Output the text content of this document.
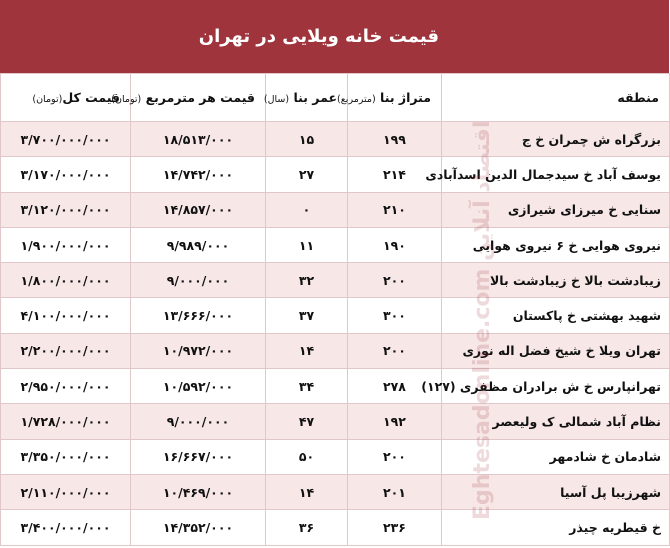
قیمت خانه ویلایی در تهران
منطقه	متراژ بنا (مترمربع)	عمر بنا (سال)	قیمت هر مترمربع (تومان)	قیمت کل(تومان)
بزرگراه ش چمران خ ج	۱۹۹	۱۵	۱۸/۵۱۳/۰۰۰	۳/۷۰۰/۰۰۰/۰۰۰
یوسف آباد خ سیدجمال الدین اسدآبادی	۲۱۴	۲۷	۱۴/۷۴۲/۰۰۰	۳/۱۷۰/۰۰۰/۰۰۰
سنایی خ میرزای شیرازی	۲۱۰	۰	۱۴/۸۵۷/۰۰۰	۳/۱۲۰/۰۰۰/۰۰۰
نیروی هوایی خ ۶ نیروی هوایی	۱۹۰	۱۱	۹/۹۸۹/۰۰۰	۱/۹۰۰/۰۰۰/۰۰۰
زیبادشت بالا خ زیبادشت بالا	۲۰۰	۳۲	۹/۰۰۰/۰۰۰	۱/۸۰۰/۰۰۰/۰۰۰
شهید بهشتی خ پاکستان	۳۰۰	۳۷	۱۳/۶۶۶/۰۰۰	۴/۱۰۰/۰۰۰/۰۰۰
تهران ویلا خ شیخ فضل اله نوری	۲۰۰	۱۴	۱۰/۹۷۲/۰۰۰	۲/۲۰۰/۰۰۰/۰۰۰
تهرانپارس خ ش برادران مظفری (۱۲۷)	۲۷۸	۳۴	۱۰/۵۹۲/۰۰۰	۲/۹۵۰/۰۰۰/۰۰۰
نظام آباد شمالی ک ولیعصر	۱۹۲	۴۷	۹/۰۰۰/۰۰۰	۱/۷۲۸/۰۰۰/۰۰۰
شادمان خ شادمهر	۲۰۰	۵۰	۱۶/۶۶۷/۰۰۰	۳/۳۵۰/۰۰۰/۰۰۰
شهرزیبا پل آسیا	۲۰۱	۱۴	۱۰/۴۶۹/۰۰۰	۲/۱۱۰/۰۰۰/۰۰۰
خ قیطریه چیذر	۲۳۶	۳۶	۱۴/۳۵۲/۰۰۰	۳/۴۰۰/۰۰۰/۰۰۰
